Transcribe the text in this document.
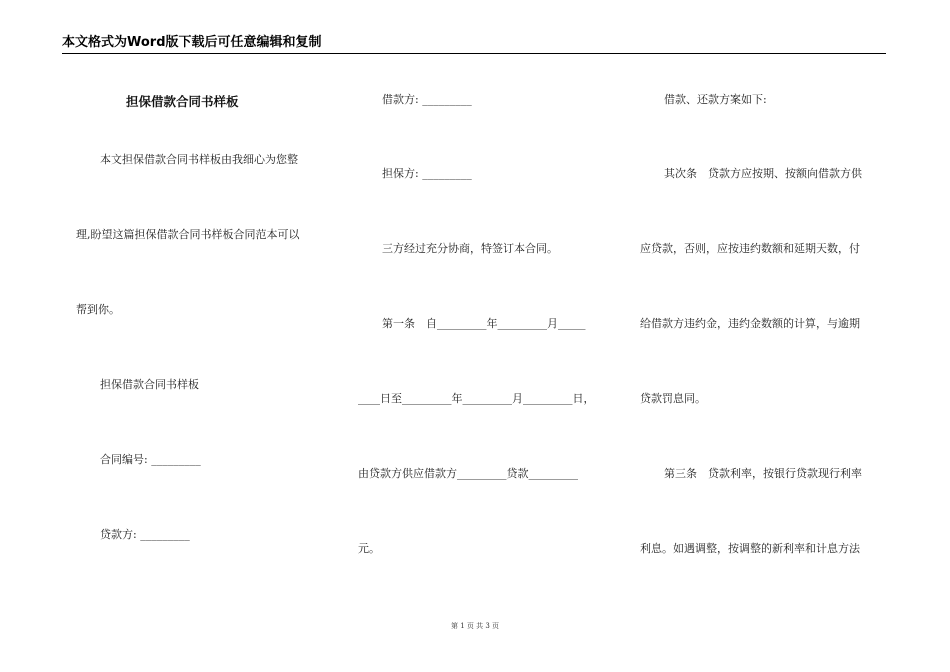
本文格式为Word版下载后可任意编辑和复制
担保借款合同书样板
本文担保借款合同书样板由我细心为您整
理,盼望这篇担保借款合同书样板合同范本可以
帮到你。
担保借款合同书样板
合同编号: _________
贷款方: _________
借款方: _________
担保方: _________
三方经过充分协商，特签订本合同。
第一条　自_________年_________月_____
____日至_________年_________月_________日，
由贷款方供应借款方_________贷款_________
元。
借款、还款方案如下:
其次条　贷款方应按期、按额向借款方供
应贷款，否则，应按违约数额和延期天数，付
给借款方违约金，违约金数额的计算，与逾期
贷款罚息同。
第三条　贷款利率，按银行贷款现行利率
利息。如遇调整，按调整的新利率和计息方法
第 1 页 共 3 页
